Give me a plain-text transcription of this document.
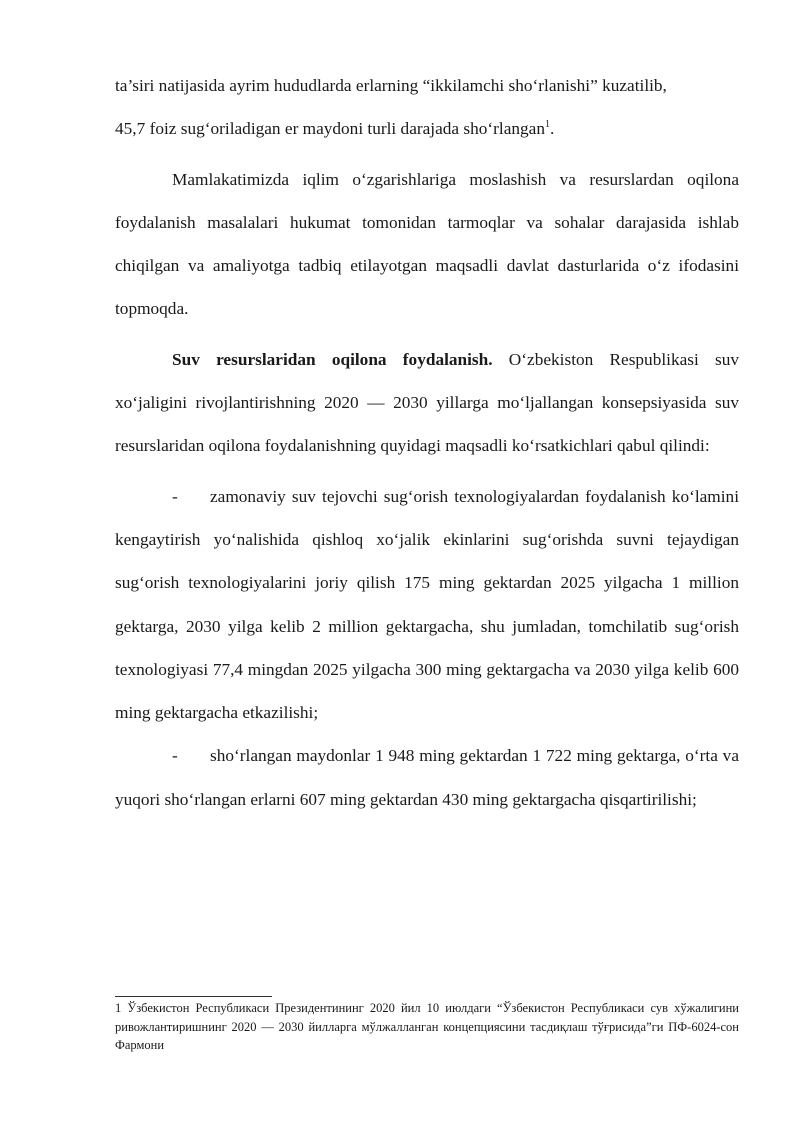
ta’siri natijasida ayrim hududlarda erlarning “ikkilamchi sho‘rlanishi” kuzatilib,
45,7 foiz sug‘oriladigan er maydoni turli darajada sho‘rlangan$^1$.

Mamlakatimizda iqlim o‘zgarishlariga moslashish va resurslardan oqilona foydalanish masalalari hukumat tomonidan tarmoqlar va sohalar darajasida ishlab chiqilgan va amaliyotga tadbiq etilayotgan maqsadli davlat dasturlarida o‘z ifodasini topmoqda.

Suv resurslaridan oqilona foydalanish. O‘zbekiston Respublikasi suv xo‘jaligini rivojlantirishning 2020 — 2030 yillarga mo‘ljallangan konsepsiyasida suv resurslaridan oqilona foydalanishning quyidagi maqsadli ko‘rsatkichlari qabul qilindi:

- zamonaviy suv tejovchi sug‘orish texnologiyalardan foydalanish ko‘lamini kengaytirish yo‘nalishida qishloq xo‘jalik ekinlarini sug‘orishda suvni tejaydigan sug‘orish texnologiyalarini joriy qilish 175 ming gektardan 2025 yilgacha 1 million gektarga, 2030 yilga kelib 2 million gektargacha, shu jumladan, tomchilatib sug‘orish texnologiyasi 77,4 mingdan 2025 yilgacha 300 ming gektargacha va 2030 yilga kelib 600 ming gektargacha etkazilishi;

- sho‘rlangan maydonlar 1 948 ming gektardan 1 722 ming gektarga, o‘rta va yuqori sho‘rlangan erlarni 607 ming gektardan 430 ming gektargacha qisqartirilishi;

1 Ўзбекистон Республикаси Президентининг 2020 йил 10 июлдаги “Ўзбекистон Республикаси сув хўжалигини ривожлантиришнинг 2020 — 2030 йилларга мўлжалланган концепциясини тасдиқлаш тўғрисида”ги ПФ-6024-сон Фармони
